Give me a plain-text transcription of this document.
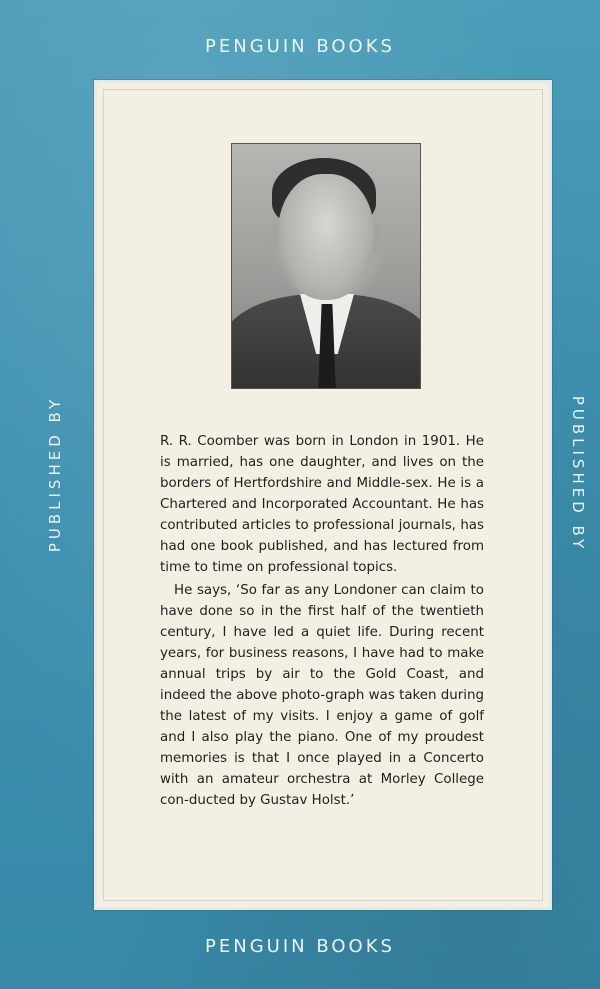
PENGUIN BOOKS
PUBLISHED BY	PUBLISHED BY

R. R. Coomber was born in London in 1901. He is married, has one daughter, and lives on the borders of Hertfordshire and Middle-sex. He is a Chartered and Incorporated Accountant. He has contributed articles to professional journals, has had one book published, and has lectured from time to time on professional topics.

He says, ‘So far as any Londoner can claim to have done so in the first half of the twentieth century, I have led a quiet life. During recent years, for business reasons, I have had to make annual trips by air to the Gold Coast, and indeed the above photo-graph was taken during the latest of my visits. I enjoy a game of golf and I also play the piano. One of my proudest memories is that I once played in a Concerto with an amateur orchestra at Morley College con-ducted by Gustav Holst.’

PENGUIN BOOKS
